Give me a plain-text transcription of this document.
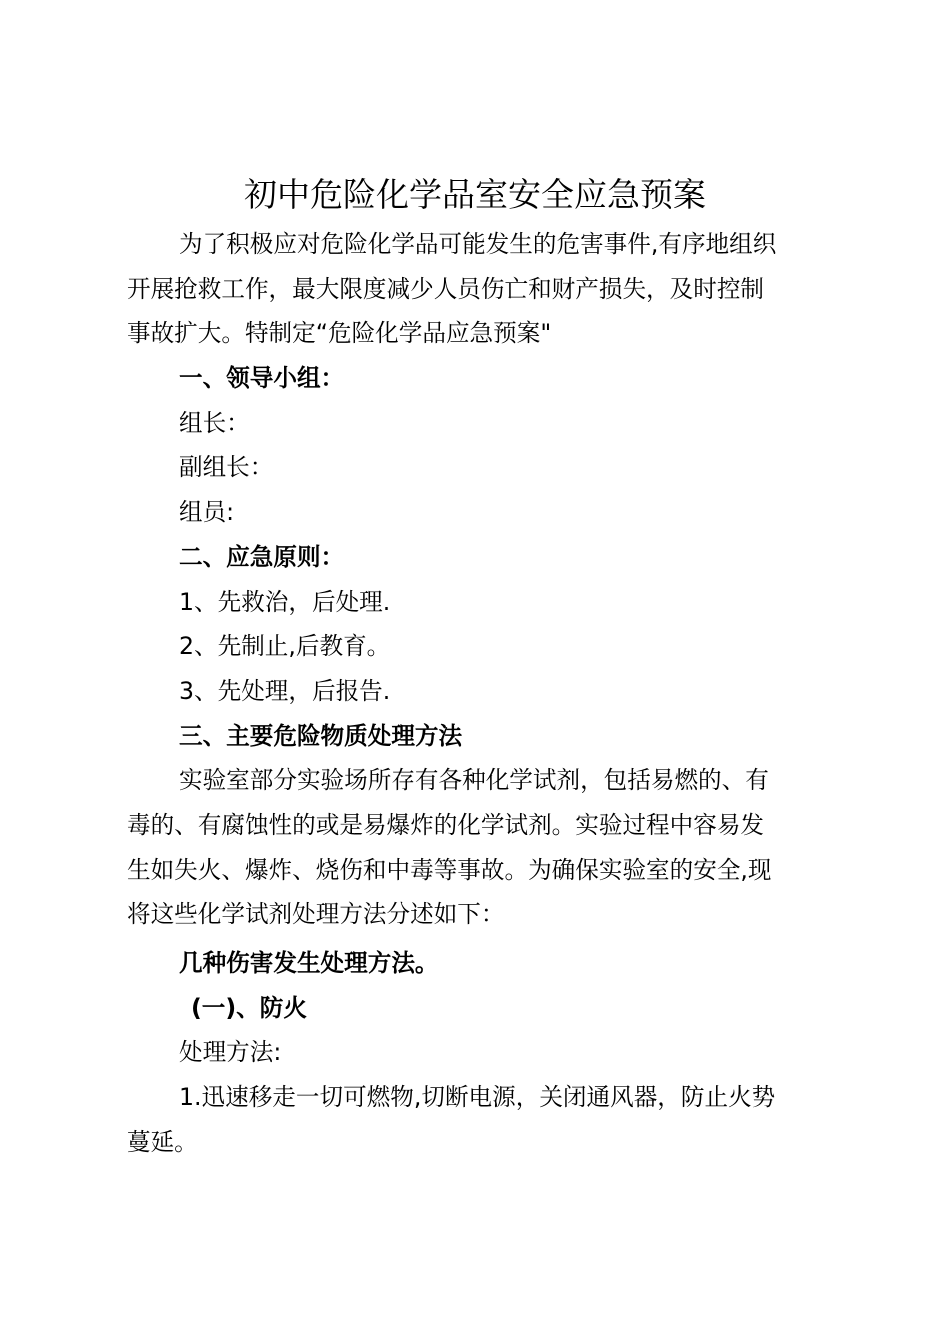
初中危险化学品室安全应急预案
为了积极应对危险化学品可能发生的危害事件,有序地组织
开展抢救工作，最大限度减少人员伤亡和财产损失，及时控制
事故扩大。特制定“危险化学品应急预案"
一、领导小组：
组长：
副组长：
组员:
二、应急原则：
1、先救治，后处理.
2、先制止,后教育。
3、先处理，后报告.
三、主要危险物质处理方法
实验室部分实验场所存有各种化学试剂，包括易燃的、有
毒的、有腐蚀性的或是易爆炸的化学试剂。实验过程中容易发
生如失火、爆炸、烧伤和中毒等事故。为确保实验室的安全,现
将这些化学试剂处理方法分述如下：
几种伤害发生处理方法。
(一)、防火
处理方法:
1.迅速移走一切可燃物,切断电源，关闭通风器，防止火势
蔓延。
